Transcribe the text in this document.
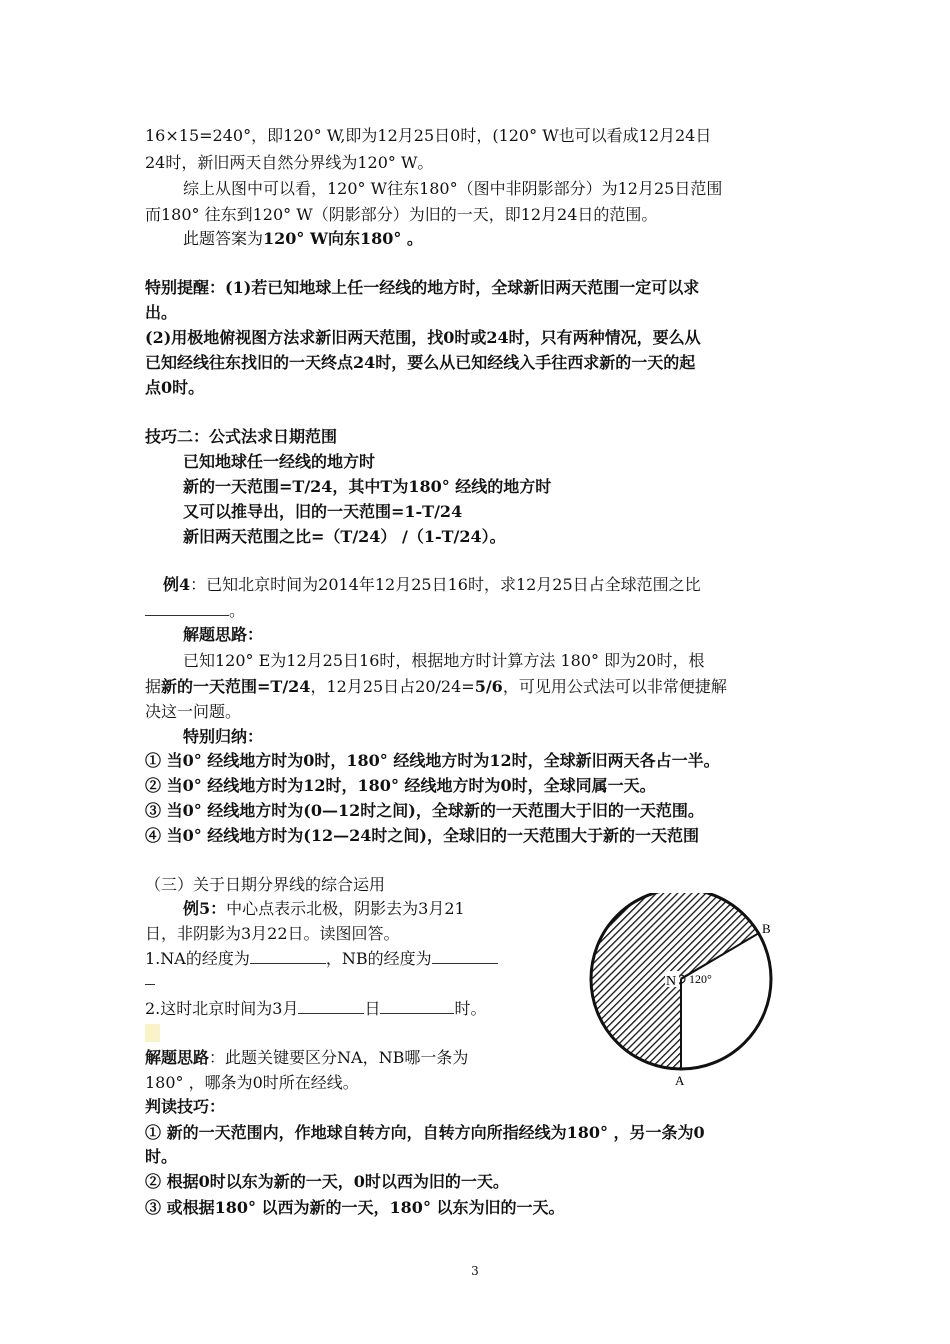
16×15=240°，即120° W,即为12月25日0时，(120° W也可以看成12月24日
24时，新旧两天自然分界线为120° W。
综上从图中可以看，120° W往东180°（图中非阴影部分）为12月25日范围
而180° 往东到120° W（阴影部分）为旧的一天，即12月24日的范围。
此题答案为120° W向东180° 。
特别提醒：(1)若已知地球上任一经线的地方时，全球新旧两天范围一定可以求
出。
(2)用极地俯视图方法求新旧两天范围，找0时或24时，只有两种情况，要么从
已知经线往东找旧的一天终点24时，要么从已知经线入手往西求新的一天的起
点0时。
技巧二：公式法求日期范围
已知地球任一经线的地方时
新的一天范围=T/24，其中T为180° 经线的地方时
又可以推导出，旧的一天范围=1-T/24
新旧两天范围之比=（T/24） /（1-T/24）。
例4：已知北京时间为2014年12月25日16时，求12月25日占全球范围之比
。
解题思路：
已知120° E为12月25日16时，根据地方时计算方法 180° 即为20时，根
据新的一天范围=T/24，12月25日占20/24=5/6，可见用公式法可以非常便捷解
决这一问题。
特别归纳：
① 当0° 经线地方时为0时，180° 经线地方时为12时，全球新旧两天各占一半。
② 当0° 经线地方时为12时，180° 经线地方时为0时，全球同属一天。
③ 当0° 经线地方时为(0—12时之间)，全球新的一天范围大于旧的一天范围。
④ 当0° 经线地方时为(12—24时之间)，全球旧的一天范围大于新的一天范围
（三）关于日期分界线的综合运用
例5：中心点表示北极，阴影去为3月21
日，非阴影为3月22日。读图回答。
1.NA的经度为	，NB的经度为
2.这时北京时间为3月	日	时。
解题思路：此题关键要区分NA，NB哪一条为
180° ，哪条为0时所在经线。
判读技巧：
① 新的一天范围内，作地球自转方向，自转方向所指经线为180° ，另一条为0
时。
② 根据0时以东为新的一天，0时以西为旧的一天。
③ 或根据180° 以西为新的一天，180° 以东为旧的一天。
N 120°
B
A
3
